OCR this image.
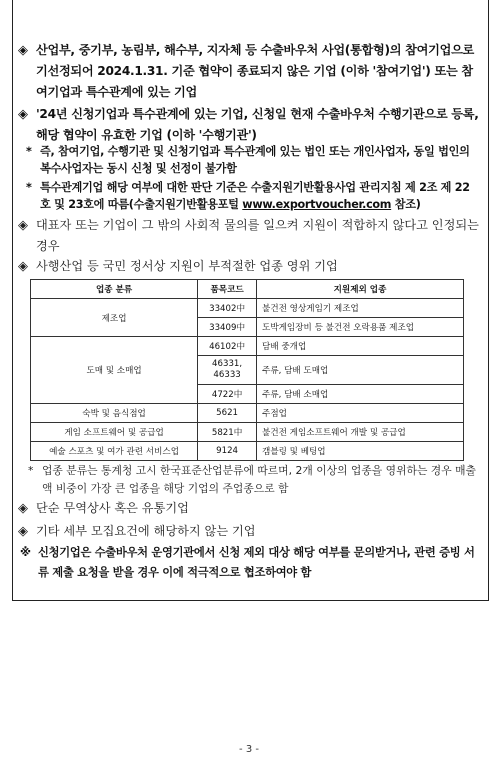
◈ 산업부, 중기부, 농림부, 해수부, 지자체 등 수출바우처 사업(통합형)의 참여기업으로 기선정되어 2024.1.31. 기준 협약이 종료되지 않은 기업 (이하 '참여기업') 또는 참여기업과 특수관계에 있는 기업
◈ '24년 신청기업과 특수관계에 있는 기업, 신청일 현재 수출바우처 수행기관으로 등록, 해당 협약이 유효한 기업 (이하 '수행기관')
* 즉, 참여기업, 수행기관 및 신청기업과 특수관계에 있는 법인 또는 개인사업자, 동일 법인의 복수사업자는 동시 신청 및 선정이 불가함
* 특수관계기업 해당 여부에 대한 판단 기준은 수출지원기반활용사업 관리지침 제 2조 제 22호 및 23호에 따름(수출지원기반활용포털 www.exportvoucher.com 참조)
◈ 대표자 또는 기업이 그 밖의 사회적 물의를 일으켜 지원이 적합하지 않다고 인정되는 경우
◈ 사행산업 등 국민 정서상 지원이 부적절한 업종 영위 기업
업종 분류	품목코드	지원제외 업종
제조업	33402中	불건전 영상게임기 제조업
	33409中	도박게임장비 등 불건전 오락용품 제조업
도매 및 소매업	46102中	담배 중개업
	46331, 46333	주류, 담배 도매업
	4722中	주류, 담배 소매업
숙박 및 음식점업	5621	주점업
게임 소프트웨어 및 공급업	5821中	불건전 게임소프트웨어 개발 및 공급업
예술 스포츠 및 여가 관련 서비스업	9124	갬블링 및 베팅업
* 업종 분류는 통계청 고시 한국표준산업분류에 따르며, 2개 이상의 업종을 영위하는 경우 매출액 비중이 가장 큰 업종을 해당 기업의 주업종으로 함
◈ 단순 무역상사 혹은 유통기업
◈ 기타 세부 모집요건에 해당하지 않는 기업
※ 신청기업은 수출바우처 운영기관에서 신청 제외 대상 해당 여부를 문의받거나, 관련 증빙 서류 제출 요청을 받을 경우 이에 적극적으로 협조하여야 함
- 3 -
